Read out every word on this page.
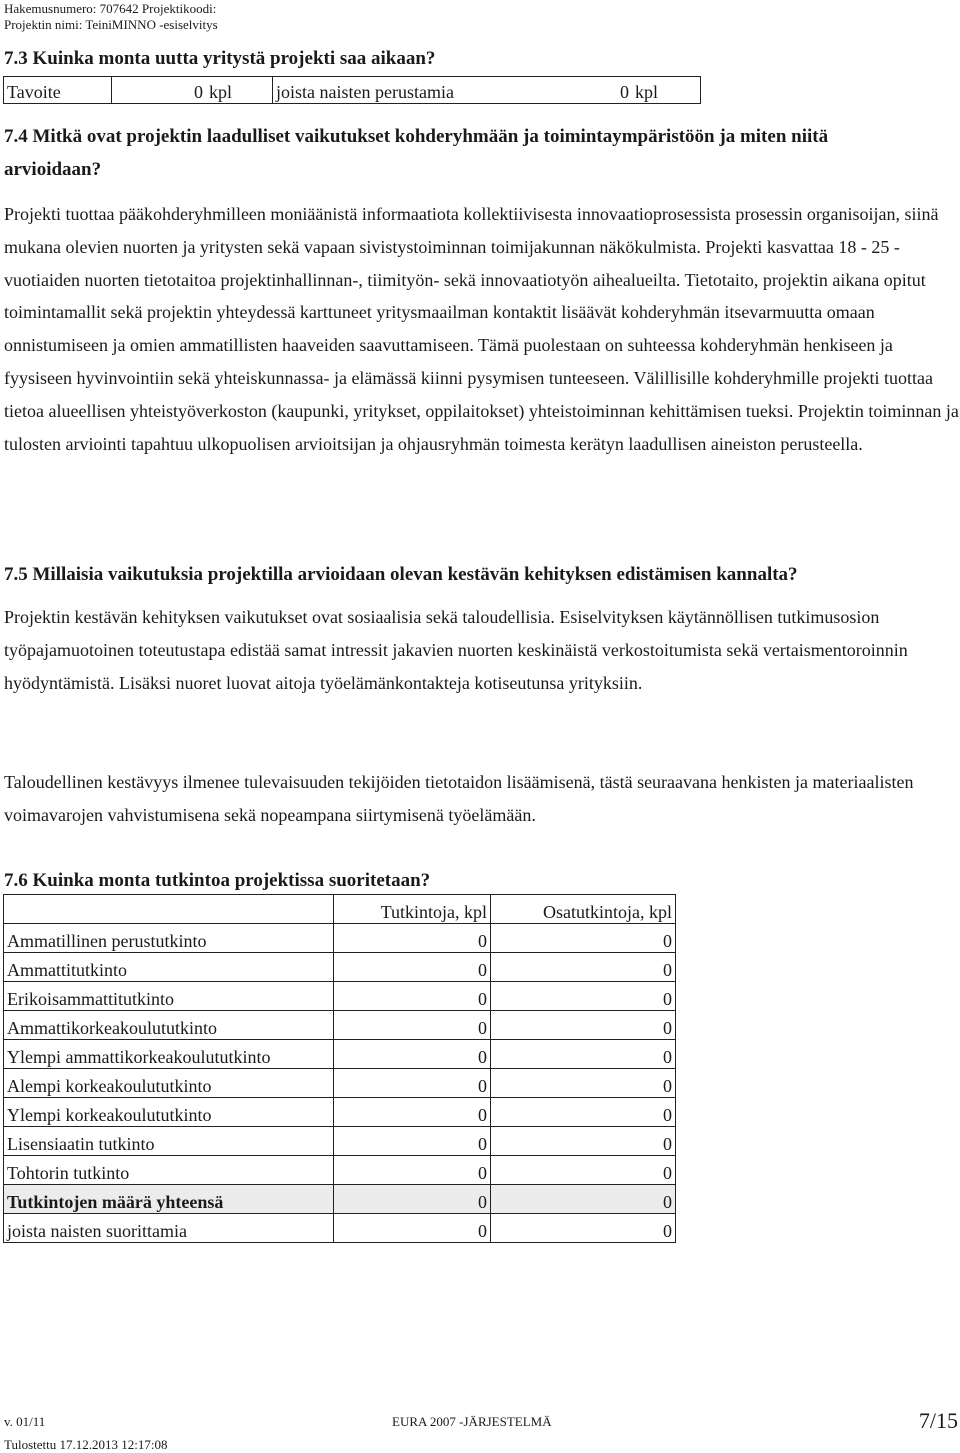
Hakemusnumero: 707642 Projektikoodi:
Projektin nimi: TeiniMINNO -esiselvitys
7.3 Kuinka monta uutta yritystä projekti saa aikaan?
Tavoite	0	kpl	joista naisten perustamia	0	kpl
7.4 Mitkä ovat projektin laadulliset vaikutukset kohderyhmään ja toimintaympäristöön ja miten niitä
arvioidaan?
Projekti tuottaa pääkohderyhmilleen moniäänistä informaatiota kollektiivisesta innovaatioprosessista prosessin organisoijan, siinä mukana olevien nuorten ja yritysten sekä vapaan sivistystoiminnan toimijakunnan näkökulmista. Projekti kasvattaa 18 - 25 -vuotiaiden nuorten tietotaitoa projektinhallinnan-, tiimityön- sekä innovaatiotyön aihealueilta. Tietotaito, projektin aikana opitut toimintamallit sekä projektin yhteydessä karttuneet yritysmaailman kontaktit lisäävät kohderyhmän itsevarmuutta omaan onnistumiseen ja omien ammatillisten haaveiden saavuttamiseen. Tämä puolestaan on suhteessa kohderyhmän henkiseen ja fyysiseen hyvinvointiin sekä yhteiskunnassa- ja elämässä kiinni pysymisen tunteeseen. Välillisille kohderyhmille projekti tuottaa tietoa alueellisen yhteistyöverkoston (kaupunki, yritykset, oppilaitokset) yhteistoiminnan kehittämisen tueksi. Projektin toiminnan ja tulosten arviointi tapahtuu ulkopuolisen arvioitsijan ja ohjausryhmän toimesta kerätyn laadullisen aineiston perusteella.
7.5 Millaisia vaikutuksia projektilla arvioidaan olevan kestävän kehityksen edistämisen kannalta?
Projektin kestävän kehityksen vaikutukset ovat sosiaalisia sekä taloudellisia. Esiselvityksen käytännöllisen tutkimusosion työpajamuotoinen toteutustapa edistää samat intressit jakavien nuorten keskinäistä verkostoitumista sekä vertaismentoroinnin hyödyntämistä. Lisäksi nuoret luovat aitoja työelämänkontakteja kotiseutunsa yrityksiin.
Taloudellinen kestävyys ilmenee tulevaisuuden tekijöiden tietotaidon lisäämisenä, tästä seuraavana henkisten ja materiaalisten voimavarojen vahvistumisena sekä nopeampana siirtymisenä työelämään.
7.6 Kuinka monta tutkintoa projektissa suoritetaan?
	Tutkintoja, kpl	Osatutkintoja, kpl
Ammatillinen perustutkinto	0	0
Ammattitutkinto	0	0
Erikoisammattitutkinto	0	0
Ammattikorkeakoulututkinto	0	0
Ylempi ammattikorkeakoulututkinto	0	0
Alempi korkeakoulututkinto	0	0
Ylempi korkeakoulututkinto	0	0
Lisensiaatin tutkinto	0	0
Tohtorin tutkinto	0	0
Tutkintojen määrä yhteensä	0	0
joista naisten suorittamia	0	0
v. 01/11	EURA 2007 -JÄRJESTELMÄ	7/15
Tulostettu 17.12.2013 12:17:08
